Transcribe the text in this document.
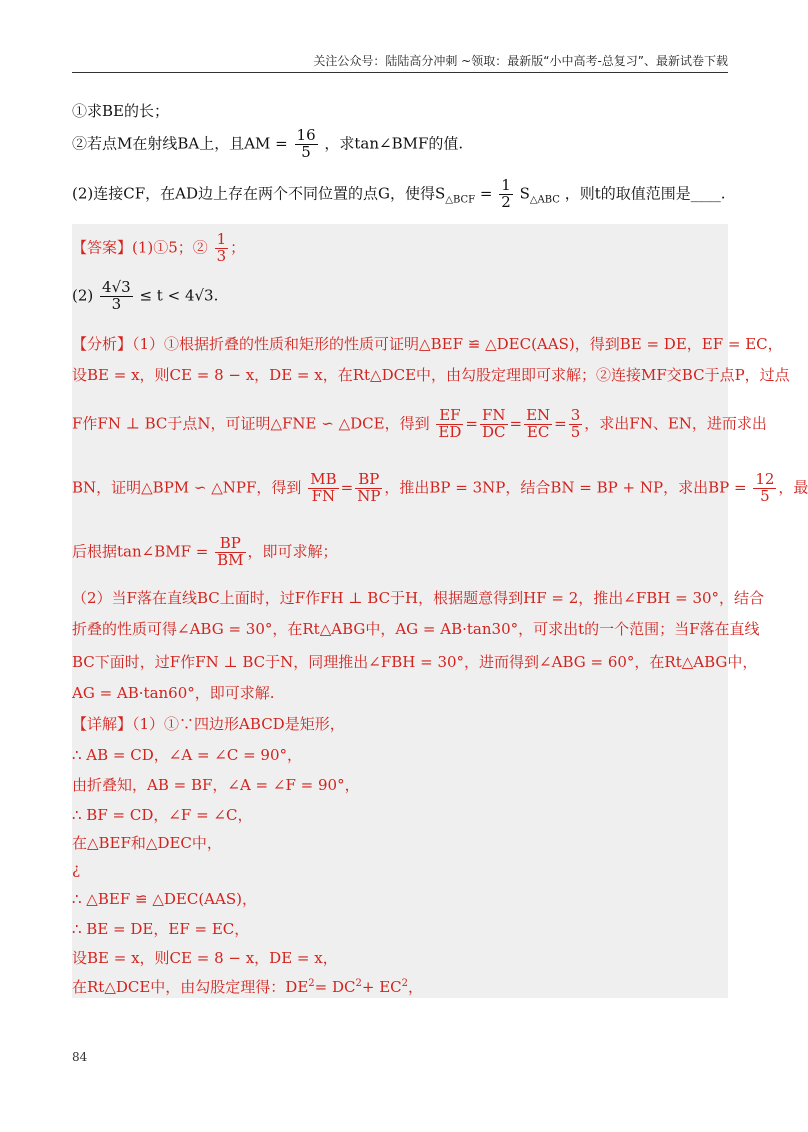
关注公众号：陆陆高分冲刺 ~领取：最新版“小中高考-总复习”、最新试卷下载
①求BE的长；
②若点M在射线BA上，且AM = $\frac{16}{5}$ ，求tan∠BMF的值.
(2)连接CF，在AD边上存在两个不同位置的点G，使得$S_{\triangle BCF} = \frac{1}{2} S_{\triangle ABC}$ ，则t的取值范围是____.
【答案】(1)①5；② $\frac{1}{3}$ ；
$(2) \frac{4√3}{3} \le t < 4√3$.
【分析】（1）①根据折叠的性质和矩形的性质可证明△BEF ≌ △DEC(AAS)，得到BE = DE，EF = EC，
设BE = x，则CE = 8 − x，DE = x，在Rt△DCE中，由勾股定理即可求解；②连接MF交BC于点P，过点
F作FN ⊥ BC于点N，可证明△FNE ∽ △DCE，得到 $\frac{EF}{ED} = \frac{FN}{DC} = \frac{EN}{EC} = \frac{3}{5}$ ，求出FN、EN，进而求出
BN，证明△BPM ∽ △NPF，得到 $\frac{MB}{FN} = \frac{BP}{NP}$ ，推出BP = 3NP，结合BN = BP + NP，求出BP = $\frac{12}{5}$ ，最
后根据tan∠BMF = $\frac{BP}{BM}$ ，即可求解；
（2）当F落在直线BC上面时，过F作FH ⊥ BC于H，根据题意得到HF = 2，推出∠FBH = 30°，结合
折叠的性质可得∠ABG = 30°，在Rt△ABG中，AG = AB·tan30°，可求出t的一个范围；当F落在直线
BC下面时，过F作FN ⊥ BC于N，同理推出∠FBH = 30°，进而得到∠ABG = 60°，在Rt△ABG中，
AG = AB·tan60°，即可求解.
【详解】（1）①∵四边形ABCD是矩形，
∴ AB = CD，∠A = ∠C = 90°，
由折叠知，AB = BF，∠A = ∠F = 90°，
∴ BF = CD，∠F = ∠C，
在△BEF和△DEC中，
¿
∴ △BEF ≌ △DEC(AAS)，
∴ BE = DE，EF = EC，
设BE = x，则CE = 8 − x，DE = x，
在Rt△DCE中，由勾股定理得：$DE^2= DC^2+ EC^2$，
84
